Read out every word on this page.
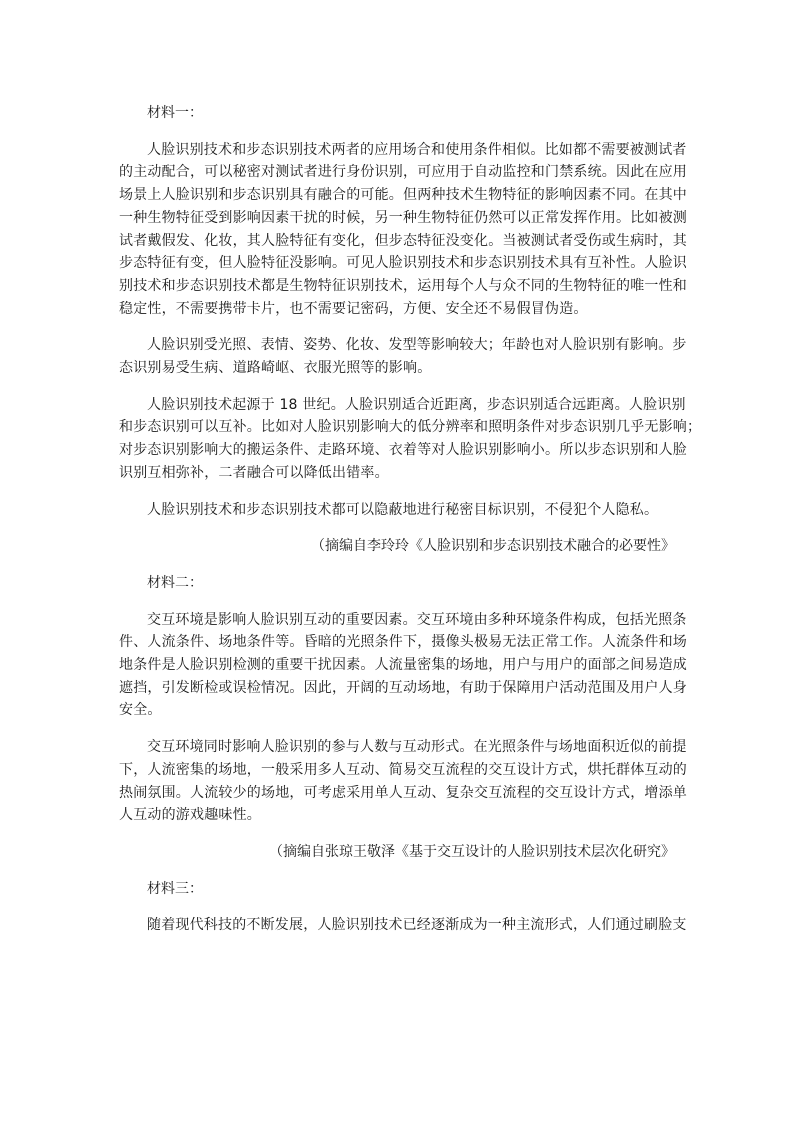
材料一：
人脸识别技术和步态识别技术两者的应用场合和使用条件相似。比如都不需要被测试者
的主动配合，可以秘密对测试者进行身份识别，可应用于自动监控和门禁系统。因此在应用
场景上人脸识别和步态识别具有融合的可能。但两种技术生物特征的影响因素不同。在其中
一种生物特征受到影响因素干扰的时候，另一种生物特征仍然可以正常发挥作用。比如被测
试者戴假发、化妆，其人脸特征有变化，但步态特征没变化。当被测试者受伤或生病时，其
步态特征有变，但人脸特征没影响。可见人脸识别技术和步态识别技术具有互补性。人脸识
别技术和步态识别技术都是生物特征识别技术，运用每个人与众不同的生物特征的唯一性和
稳定性，不需要携带卡片，也不需要记密码，方便、安全还不易假冒伪造。
人脸识别受光照、表情、姿势、化妆、发型等影响较大；年龄也对人脸识别有影响。步
态识别易受生病、道路崎岖、衣服光照等的影响。
人脸识别技术起源于 18 世纪。人脸识别适合近距离，步态识别适合远距离。人脸识别
和步态识别可以互补。比如对人脸识别影响大的低分辨率和照明条件对步态识别几乎无影响；
对步态识别影响大的搬运条件、走路环境、衣着等对人脸识别影响小。所以步态识别和人脸
识别互相弥补，二者融合可以降低出错率。
人脸识别技术和步态识别技术都可以隐蔽地进行秘密目标识别，不侵犯个人隐私。
（摘编自李玲玲《人脸识别和步态识别技术融合的必要性》
材料二：
交互环境是影响人脸识别互动的重要因素。交互环境由多种环境条件构成，包括光照条
件、人流条件、场地条件等。昏暗的光照条件下，摄像头极易无法正常工作。人流条件和场
地条件是人脸识别检测的重要干扰因素。人流量密集的场地，用户与用户的面部之间易造成
遮挡，引发断检或误检情况。因此，开阔的互动场地，有助于保障用户活动范围及用户人身
安全。
交互环境同时影响人脸识别的参与人数与互动形式。在光照条件与场地面积近似的前提
下，人流密集的场地，一般采用多人互动、简易交互流程的交互设计方式，烘托群体互动的
热闹氛围。人流较少的场地，可考虑采用单人互动、复杂交互流程的交互设计方式，增添单
人互动的游戏趣味性。
（摘编自张琼王敬泽《基于交互设计的人脸识别技术层次化研究》
材料三：
随着现代科技的不断发展，人脸识别技术已经逐渐成为一种主流形式，人们通过刷脸支
